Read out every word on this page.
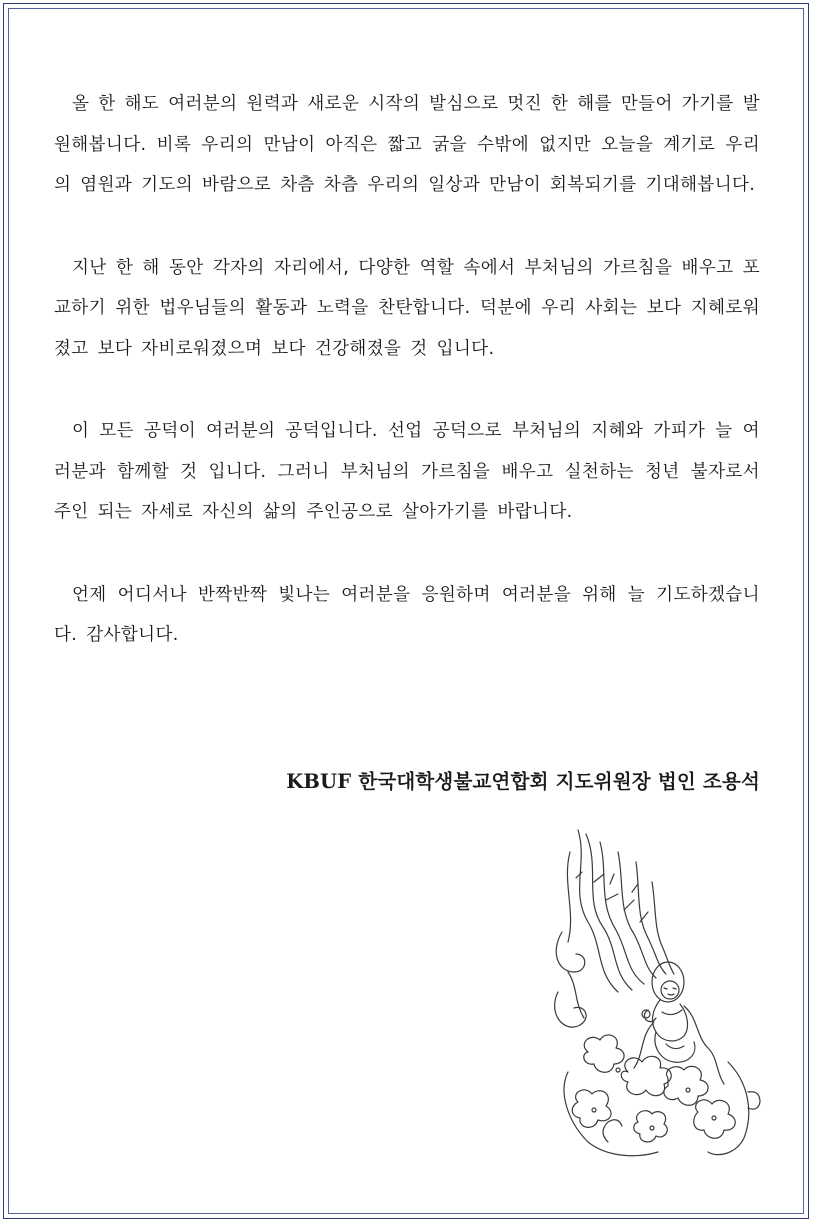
올 한 해도 여러분의 원력과 새로운 시작의 발심으로 멋진 한 해를 만들어 가기를 발원해봅니다. 비록 우리의 만남이 아직은 짧고 굵을 수밖에 없지만 오늘을 계기로 우리의 염원과 기도의 바람으로 차츰 차츰 우리의 일상과 만남이 회복되기를 기대해봅니다.

지난 한 해 동안 각자의 자리에서, 다양한 역할 속에서 부처님의 가르침을 배우고 포교하기 위한 법우님들의 활동과 노력을 찬탄합니다. 덕분에 우리 사회는 보다 지혜로워졌고 보다 자비로워졌으며 보다 건강해졌을 것 입니다.

이 모든 공덕이 여러분의 공덕입니다. 선업 공덕으로 부처님의 지혜와 가피가 늘 여러분과 함께할 것 입니다. 그러니 부처님의 가르침을 배우고 실천하는 청년 불자로서 주인 되는 자세로 자신의 삶의 주인공으로 살아가기를 바랍니다.

언제 어디서나 반짝반짝 빛나는 여러분을 응원하며 여러분을 위해 늘 기도하겠습니다. 감사합니다.

KBUF 한국대학생불교연합회 지도위원장 법인 조용석
